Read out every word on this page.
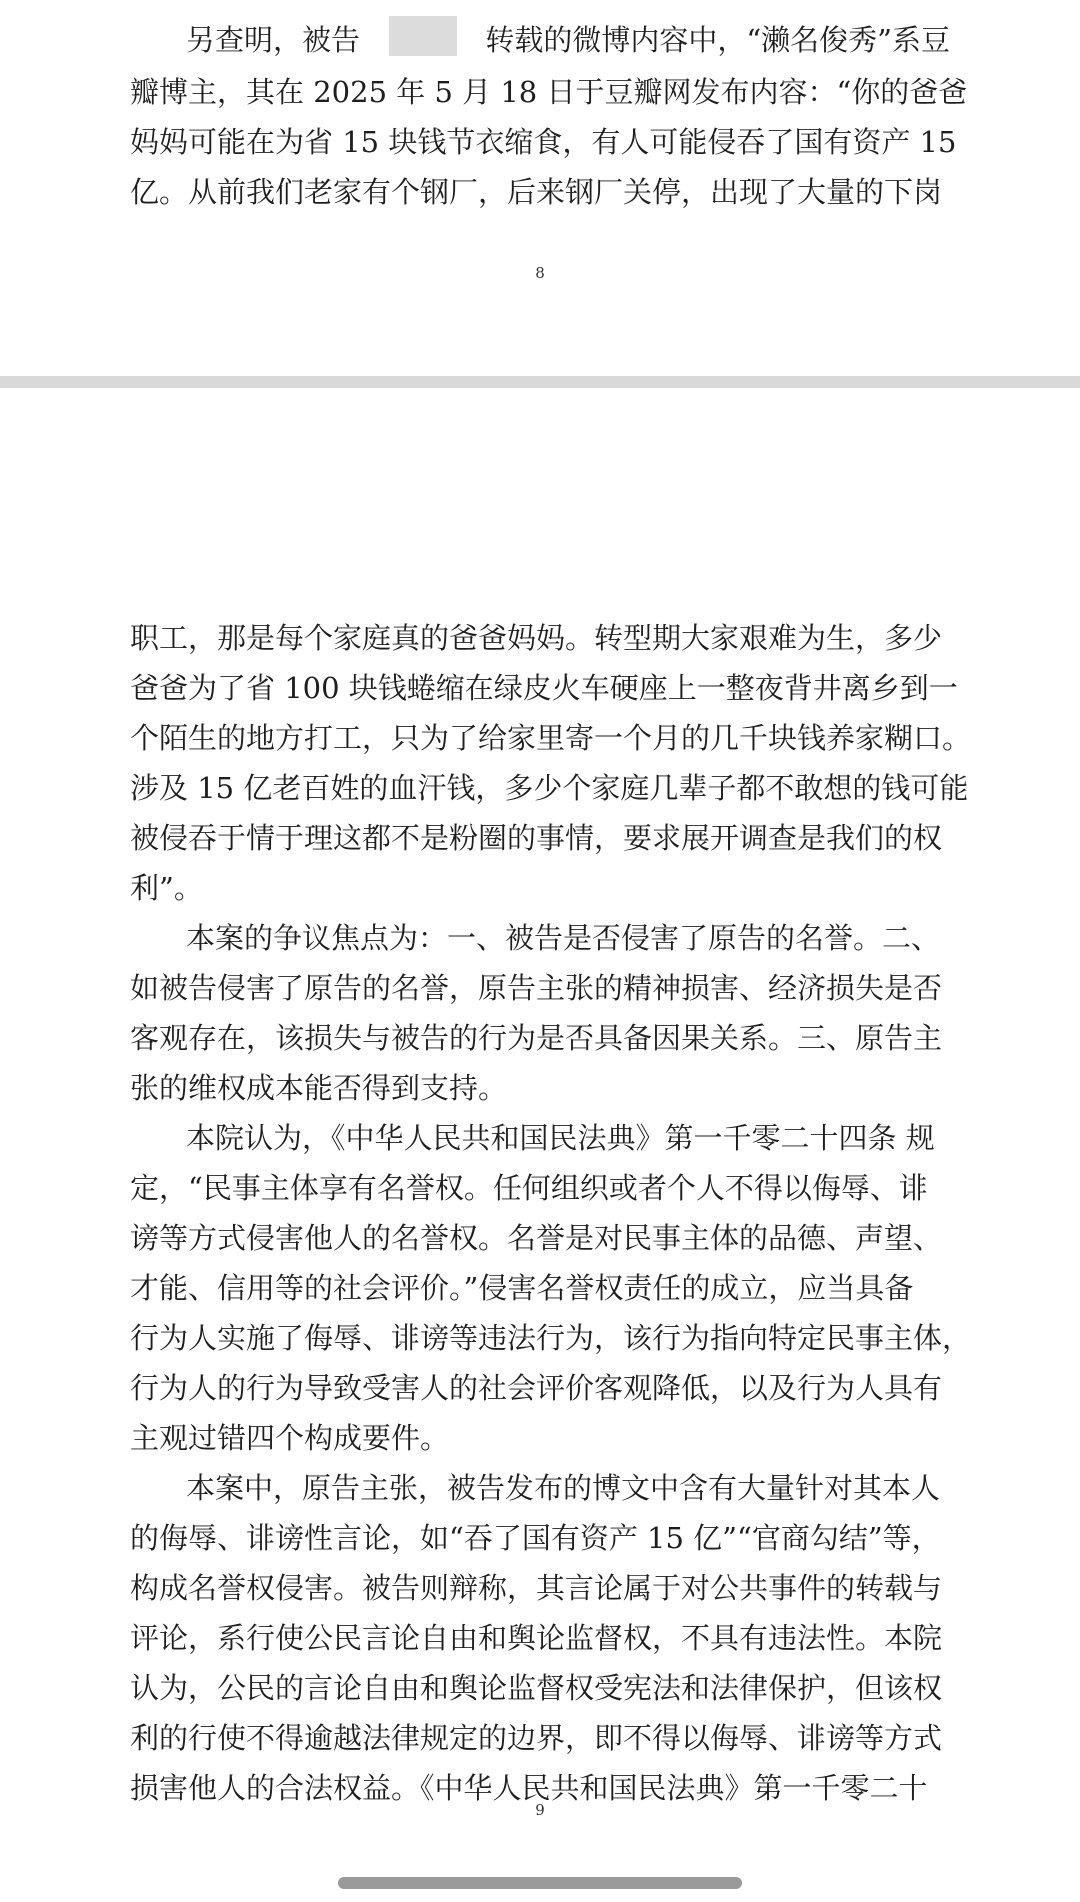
另查明，被告	转载的微博内容中，“濑名俊秀”系豆
瓣博主，其在 2025 年 5 月 18 日于豆瓣网发布内容：“你的爸爸
妈妈可能在为省 15 块钱节衣缩食，有人可能侵吞了国有资产 15
亿。从前我们老家有个钢厂，后来钢厂关停，出现了大量的下岗
8
职工，那是每个家庭真的爸爸妈妈。转型期大家艰难为生，多少
爸爸为了省 100 块钱蜷缩在绿皮火车硬座上一整夜背井离乡到一
个陌生的地方打工，只为了给家里寄一个月的几千块钱养家糊口。
涉及 15 亿老百姓的血汗钱，多少个家庭几辈子都不敢想的钱可能
被侵吞于情于理这都不是粉圈的事情，要求展开调查是我们的权
利”。
本案的争议焦点为：一、被告是否侵害了原告的名誉。二、
如被告侵害了原告的名誉，原告主张的精神损害、经济损失是否
客观存在，该损失与被告的行为是否具备因果关系。三、原告主
张的维权成本能否得到支持。
本院认为，《中华人民共和国民法典》第一千零二十四条 规
定，“民事主体享有名誉权。任何组织或者个人不得以侮辱、诽
谤等方式侵害他人的名誉权。名誉是对民事主体的品德、声望、
才能、信用等的社会评价。”侵害名誉权责任的成立，应当具备
行为人实施了侮辱、诽谤等违法行为，该行为指向特定民事主体，
行为人的行为导致受害人的社会评价客观降低，以及行为人具有
主观过错四个构成要件。
本案中，原告主张，被告发布的博文中含有大量针对其本人
的侮辱、诽谤性言论，如“吞了国有资产 15 亿”“官商勾结”等，
构成名誉权侵害。被告则辩称，其言论属于对公共事件的转载与
评论，系行使公民言论自由和舆论监督权，不具有违法性。本院
认为，公民的言论自由和舆论监督权受宪法和法律保护，但该权
利的行使不得逾越法律规定的边界，即不得以侮辱、诽谤等方式
损害他人的合法权益。《中华人民共和国民法典》第一千零二十
9
